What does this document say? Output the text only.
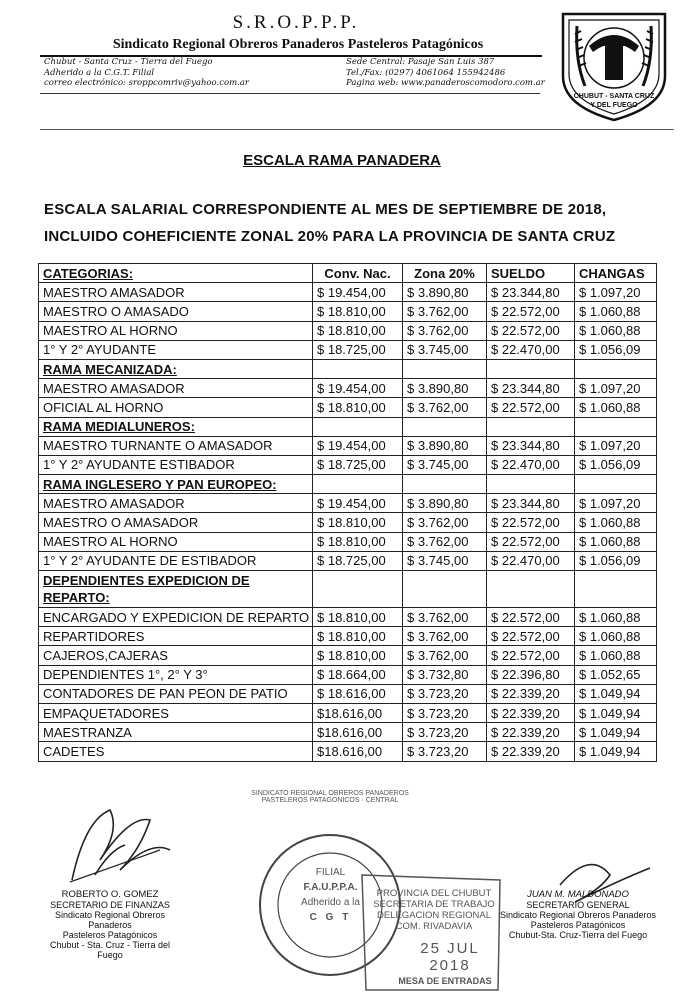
S.R.O.P.P.P.
Sindicato Regional Obreros Panaderos Pasteleros Patagónicos
Chubut - Santa Cruz - Tierra del Fuego
Adherido a la C.G.T. Filial
correo electrónico: sroppcomriv@yahoo.com.ar
Sede Central: Pasaje San Luis 387
Tel./Fax: (0297) 4061064 155942486
Pagina web: www.panaderoscomodoro.com.ar
CHUBUT - SANTA CRUZ
Y DEL FUEGO
ESCALA RAMA PANADERA
ESCALA SALARIAL CORRESPONDIENTE AL MES DE SEPTIEMBRE DE 2018,
INCLUIDO COHEFICIENTE ZONAL 20% PARA LA PROVINCIA DE SANTA CRUZ
CATEGORIAS:	Conv. Nac.	Zona 20%	SUELDO	CHANGAS
MAESTRO AMASADOR	$ 19.454,00	$ 3.890,80	$ 23.344,80	$ 1.097,20
MAESTRO O AMASADO	$ 18.810,00	$ 3.762,00	$ 22.572,00	$ 1.060,88
MAESTRO AL HORNO	$ 18.810,00	$ 3.762,00	$ 22.572,00	$ 1.060,88
1° Y 2° AYUDANTE	$ 18.725,00	$ 3.745,00	$ 22.470,00	$ 1.056,09
RAMA MECANIZADA:				
MAESTRO AMASADOR	$ 19.454,00	$ 3.890,80	$ 23.344,80	$ 1.097,20
OFICIAL AL HORNO	$ 18.810,00	$ 3.762,00	$ 22.572,00	$ 1.060,88
RAMA MEDIALUNEROS:				
MAESTRO TURNANTE O AMASADOR	$ 19.454,00	$ 3.890,80	$ 23.344,80	$ 1.097,20
1° Y 2° AYUDANTE ESTIBADOR	$ 18.725,00	$ 3.745,00	$ 22.470,00	$ 1.056,09
RAMA INGLESERO Y PAN EUROPEO:				
MAESTRO AMASADOR	$ 19.454,00	$ 3.890,80	$ 23.344,80	$ 1.097,20
MAESTRO O AMASADOR	$ 18.810,00	$ 3.762,00	$ 22.572,00	$ 1.060,88
MAESTRO AL HORNO	$ 18.810,00	$ 3.762,00	$ 22.572,00	$ 1.060,88
1° Y 2° AYUDANTE DE ESTIBADOR	$ 18.725,00	$ 3.745,00	$ 22.470,00	$ 1.056,09
DEPENDIENTES EXPEDICION DE REPARTO:				
ENCARGADO Y EXPEDICION DE REPARTO	$ 18.810,00	$ 3.762,00	$ 22.572,00	$ 1.060,88
REPARTIDORES	$ 18.810,00	$ 3.762,00	$ 22.572,00	$ 1.060,88
CAJEROS,CAJERAS	$ 18.810,00	$ 3.762,00	$ 22.572,00	$ 1.060,88
DEPENDIENTES 1°, 2° Y 3°	$ 18.664,00	$ 3.732,80	$ 22.396,80	$ 1.052,65
CONTADORES DE PAN PEON DE PATIO	$ 18.616,00	$ 3.723,20	$ 22.339,20	$ 1.049,94
EMPAQUETADORES	$18.616,00	$ 3.723,20	$ 22.339,20	$ 1.049,94
MAESTRANZA	$18.616,00	$ 3.723,20	$ 22.339,20	$ 1.049,94
CADETES	$18.616,00	$ 3.723,20	$ 22.339,20	$ 1.049,94
FILIAL
F.A.U.P.P.A.
Adherido a la
C G T
SINDICATO REGIONAL OBREROS PANADEROS PASTELEROS PATAGONICOS · CENTRAL
PROVINCIA DEL CHUBUT
SECRETARIA DE TRABAJO
DELEGACION REGIONAL COM. RIVADAVIA
25 JUL 2018
MESA DE ENTRADAS
ROBERTO O. GOMEZ
SECRETARIO DE FINANZAS
Sindicato Regional Obreros Panaderos
Pasteleros Patagónicos
Chubut - Sta. Cruz - Tierra del Fuego
JUAN M. MALDONADO
SECRETARIO GENERAL
Sindicato Regional Obreros Panaderos
Pasteleros Patagónicos
Chubut-Sta. Cruz-Tierra del Fuego
